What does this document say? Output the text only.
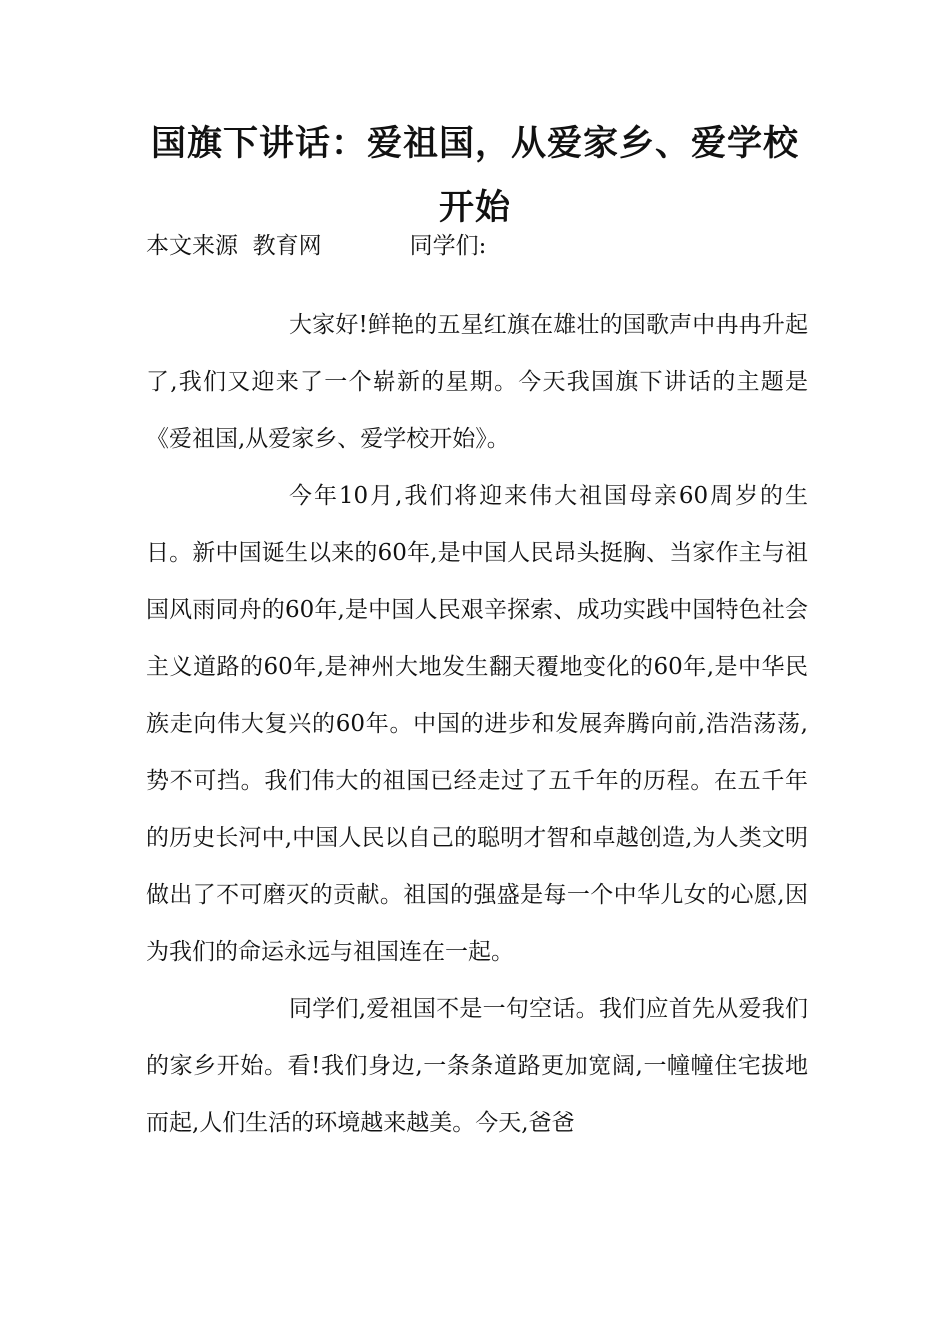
国旗下讲话：爱祖国，从爱家乡、爱学校
开始
本文来源  教育网	同学们:

大家好!鲜艳的五星红旗在雄壮的国歌声中冉冉升起了,我们又迎来了一个崭新的星期。今天我国旗下讲话的主题是《爱祖国,从爱家乡、爱学校开始》。

今年10月,我们将迎来伟大祖国母亲60周岁的生日。新中国诞生以来的60年,是中国人民昂头挺胸、当家作主与祖国风雨同舟的60年,是中国人民艰辛探索、成功实践中国特色社会主义道路的60年,是神州大地发生翻天覆地变化的60年,是中华民族走向伟大复兴的60年。中国的进步和发展奔腾向前,浩浩荡荡,势不可挡。我们伟大的祖国已经走过了五千年的历程。在五千年的历史长河中,中国人民以自己的聪明才智和卓越创造,为人类文明做出了不可磨灭的贡献。祖国的强盛是每一个中华儿女的心愿,因为我们的命运永远与祖国连在一起。

同学们,爱祖国不是一句空话。我们应首先从爱我们的家乡开始。看!我们身边,一条条道路更加宽阔,一幢幢住宅拔地而起,人们生活的环境越来越美。今天,爸爸
